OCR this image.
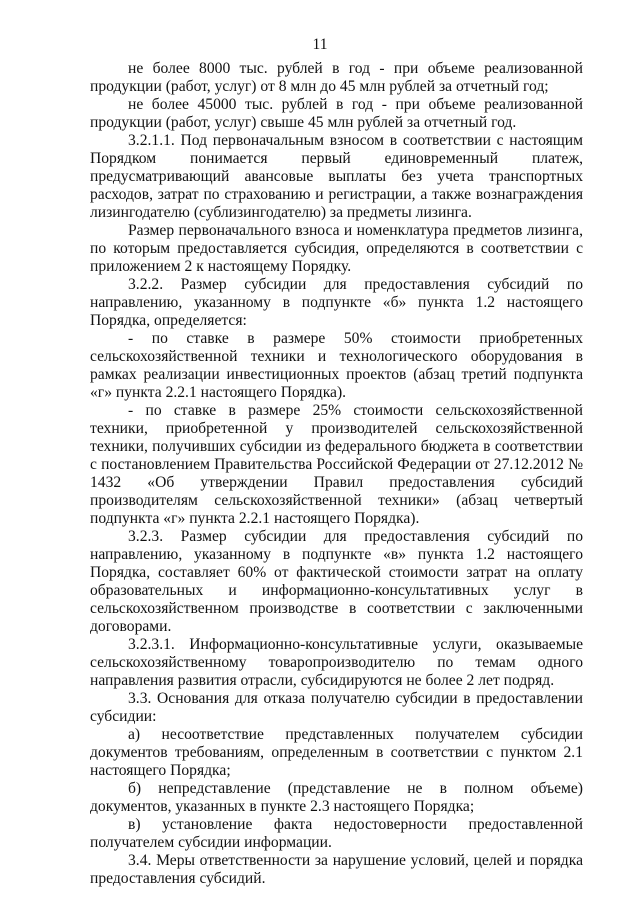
11

не более 8000 тыс. рублей в год - при объеме реализованной продукции (работ, услуг) от 8 млн до 45 млн рублей за отчетный год;

не более 45000 тыс. рублей в год - при объеме реализованной продукции (работ, услуг) свыше 45 млн рублей за отчетный год.

3.2.1.1. Под первоначальным взносом в соответствии с настоящим Порядком понимается первый единовременный платеж, предусматривающий авансовые выплаты без учета транспортных расходов, затрат по страхованию и регистрации, а также вознаграждения лизингодателю (сублизингодателю) за предметы лизинга.

Размер первоначального взноса и номенклатура предметов лизинга, по которым предоставляется субсидия, определяются в соответствии с приложением 2 к настоящему Порядку.

3.2.2. Размер субсидии для предоставления субсидий по направлению, указанному в подпункте «б» пункта 1.2 настоящего Порядка, определяется:

- по ставке в размере 50% стоимости приобретенных сельскохозяйственной техники и технологического оборудования в рамках реализации инвестиционных проектов (абзац третий подпункта «г» пункта 2.2.1 настоящего Порядка).

- по ставке в размере 25% стоимости сельскохозяйственной техники, приобретенной у производителей сельскохозяйственной техники, получивших субсидии из федерального бюджета в соответствии с постановлением Правительства Российской Федерации от 27.12.2012 № 1432 «Об утверждении Правил предоставления субсидий производителям сельскохозяйственной техники» (абзац четвертый подпункта «г» пункта 2.2.1 настоящего Порядка).

3.2.3. Размер субсидии для предоставления субсидий по направлению, указанному в подпункте «в» пункта 1.2 настоящего Порядка, составляет 60% от фактической стоимости затрат на оплату образовательных и информационно-консультативных услуг в сельскохозяйственном производстве в соответствии с заключенными договорами.

3.2.3.1. Информационно-консультативные услуги, оказываемые сельскохозяйственному товаропроизводителю по темам одного направления развития отрасли, субсидируются не более 2 лет подряд.

3.3. Основания для отказа получателю субсидии в предоставлении субсидии:

а) несоответствие представленных получателем субсидии документов требованиям, определенным в соответствии с пунктом 2.1 настоящего Порядка;

б) непредставление (представление не в полном объеме) документов, указанных в пункте 2.3 настоящего Порядка;

в) установление факта недостоверности предоставленной получателем субсидии информации.

3.4. Меры ответственности за нарушение условий, целей и порядка предоставления субсидий.
